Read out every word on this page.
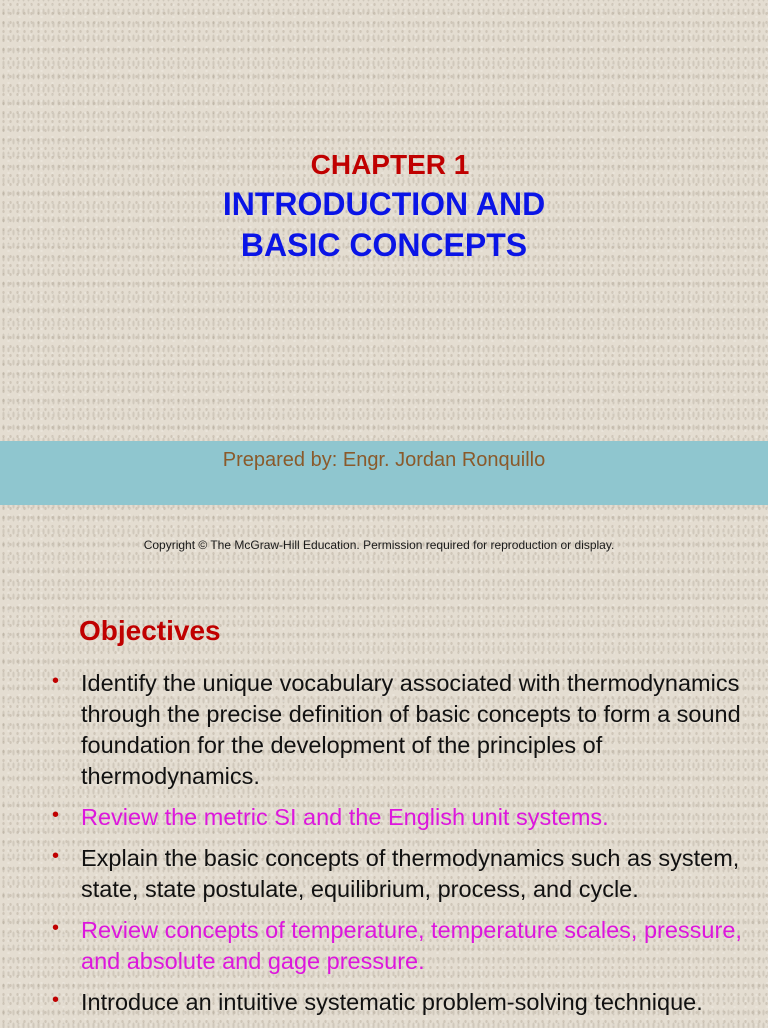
CHAPTER 1
INTRODUCTION AND
BASIC CONCEPTS
Prepared by: Engr. Jordan Ronquillo
Copyright © The McGraw-Hill Education. Permission required for reproduction or display.
Objectives
• Identify the unique vocabulary associated with thermodynamics through the precise definition of basic concepts to form a sound foundation for the development of the principles of thermodynamics.
• Review the metric SI and the English unit systems.
• Explain the basic concepts of thermodynamics such as system, state, state postulate, equilibrium, process, and cycle.
• Review concepts of temperature, temperature scales, pressure, and absolute and gage pressure.
• Introduce an intuitive systematic problem-solving technique.
